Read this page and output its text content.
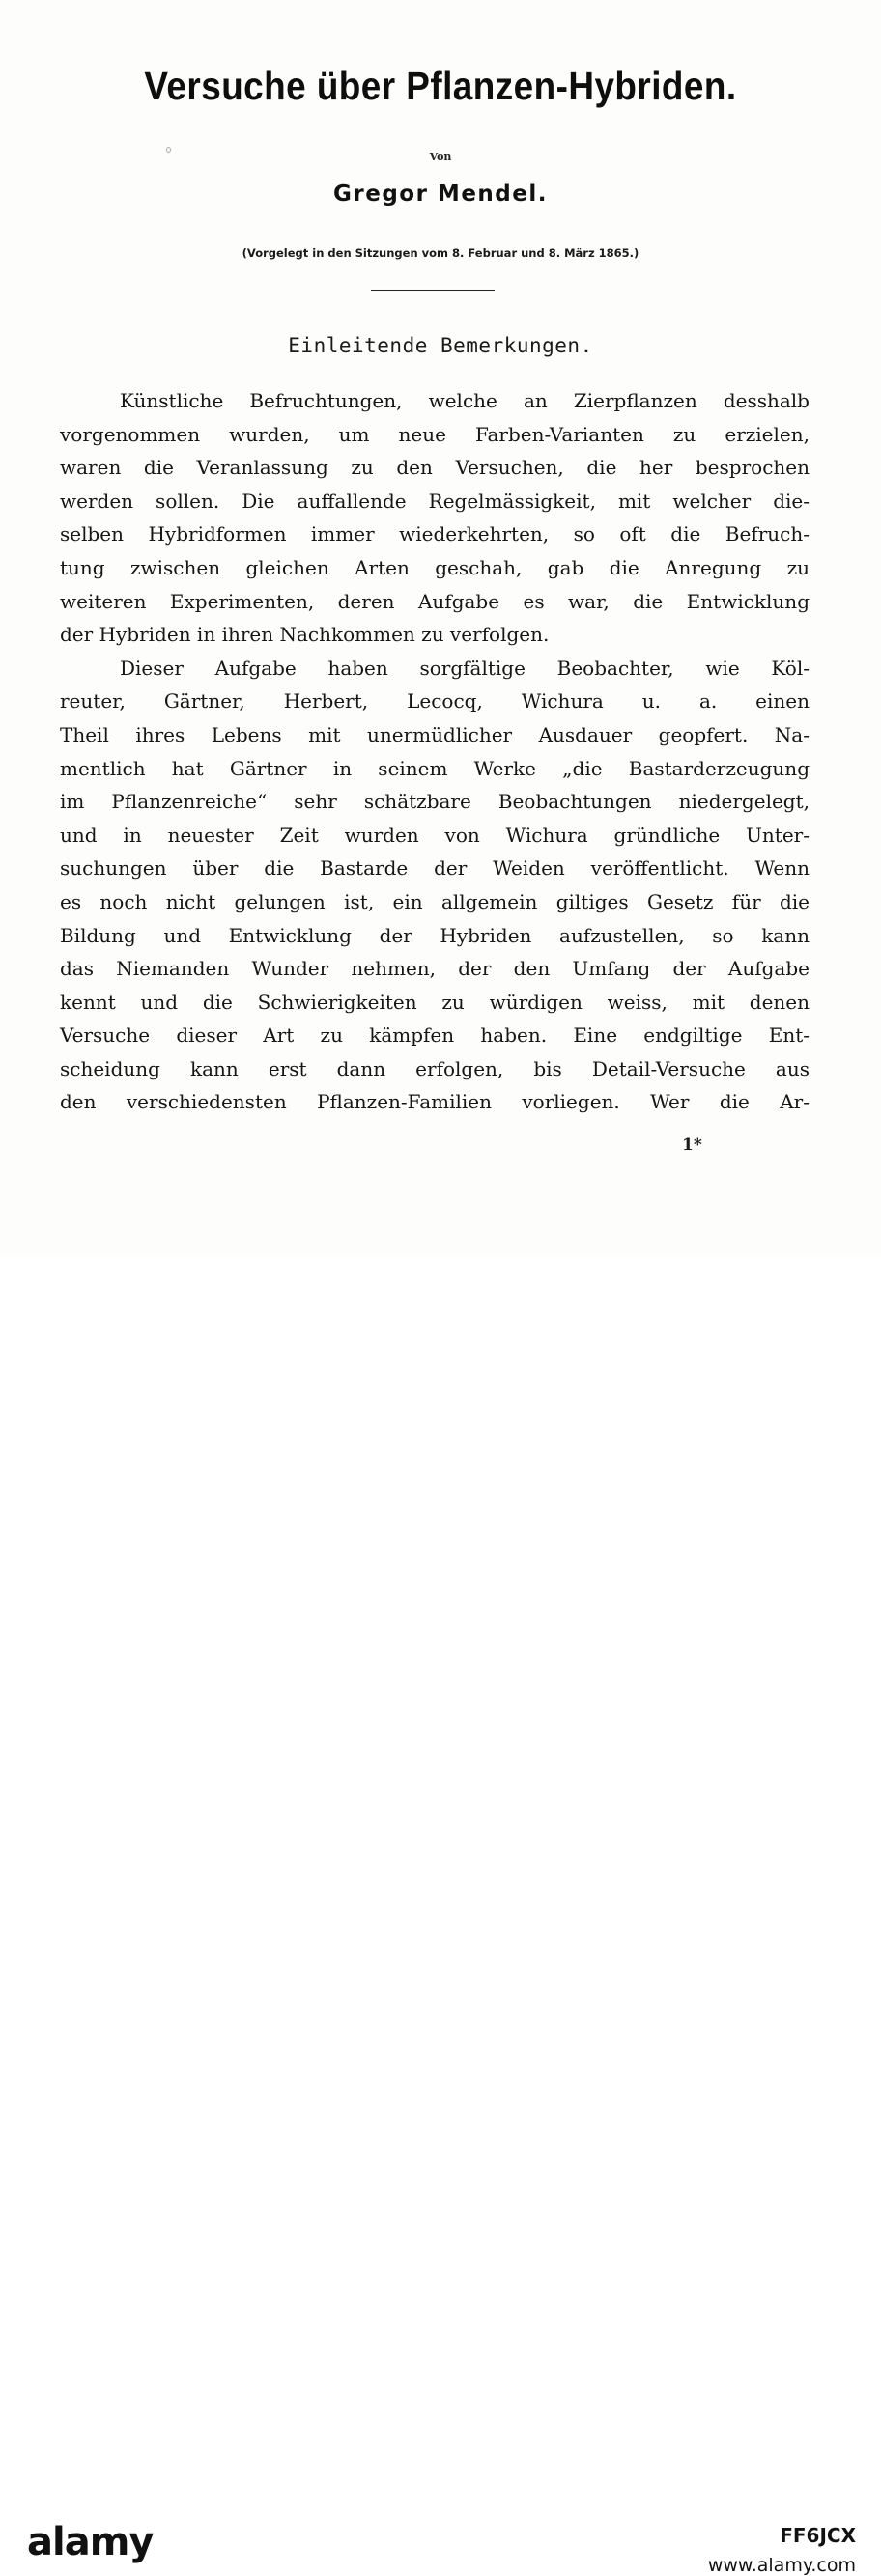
Versuche über Pflanzen-Hybriden.
Von
Gregor Mendel.
(Vorgelegt in den Sitzungen vom 8. Februar und 8. März 1865.)
Einleitende Bemerkungen.
Künstliche Befruchtungen, welche an Zierpflanzen desshalb
vorgenommen wurden, um neue Farben-Varianten zu erzielen,
waren die Veranlassung zu den Versuchen, die her besprochen
werden sollen. Die auffallende Regelmässigkeit, mit welcher die-
selben Hybridformen immer wiederkehrten, so oft die Befruch-
tung zwischen gleichen Arten geschah, gab die Anregung zu
weiteren Experimenten, deren Aufgabe es war, die Entwicklung
der Hybriden in ihren Nachkommen zu verfolgen.
Dieser Aufgabe haben sorgfältige Beobachter, wie Köl-
reuter, Gärtner, Herbert, Lecocq, Wichura u. a. einen
Theil ihres Lebens mit unermüdlicher Ausdauer geopfert. Na-
mentlich hat Gärtner in seinem Werke „die Bastarderzeugung
im Pflanzenreiche“ sehr schätzbare Beobachtungen niedergelegt,
und in neuester Zeit wurden von Wichura gründliche Unter-
suchungen über die Bastarde der Weiden veröffentlicht. Wenn
es noch nicht gelungen ist, ein allgemein giltiges Gesetz für die
Bildung und Entwicklung der Hybriden aufzustellen, so kann
das Niemanden Wunder nehmen, der den Umfang der Aufgabe
kennt und die Schwierigkeiten zu würdigen weiss, mit denen
Versuche dieser Art zu kämpfen haben. Eine endgiltige Ent-
scheidung kann erst dann erfolgen, bis Detail-Versuche aus
den verschiedensten Pflanzen-Familien vorliegen. Wer die Ar-
1*
alamy	FF6JCX
www.alamy.com
